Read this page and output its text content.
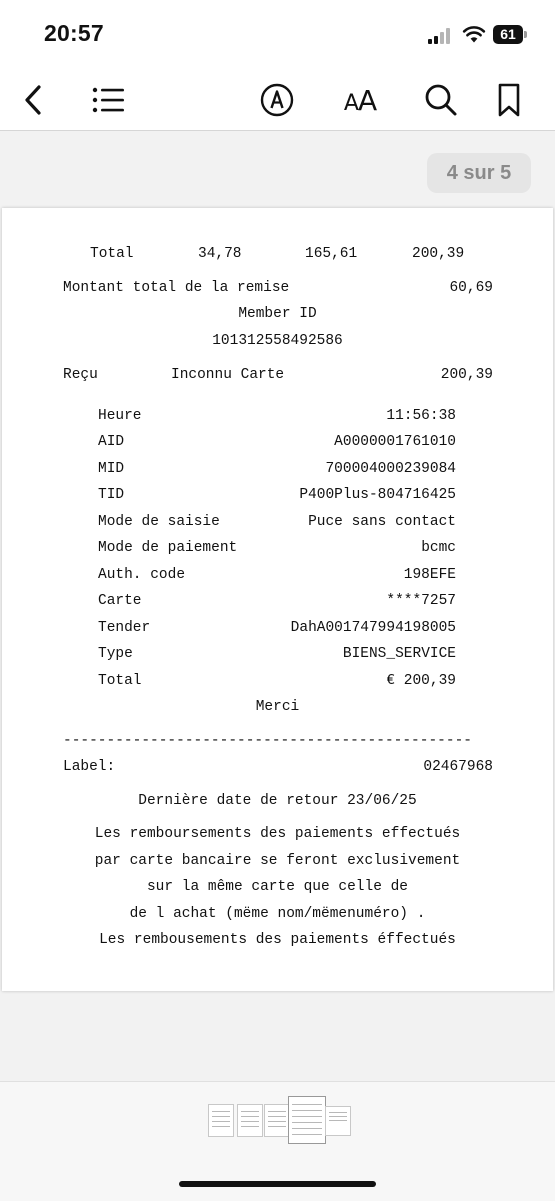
20:57	61
AA
4 sur 5
Total	34,78	165,61	200,39
Montant total de la remise	60,69
Member ID
101312558492586
Reçu	Inconnu Carte	200,39
Heure	11:56:38
AID	A0000001761010
MID	700004000239084
TID	P400Plus-804716425
Mode de saisie	Puce sans contact
Mode de paiement	bcmc
Auth. code	198EFE
Carte	****7257
Tender	DahA001747994198005
Type	BIENS_SERVICE
Total	€ 200,39
Merci
-----------------------------------------------
Label:	02467968
Dernière date de retour 23/06/25
Les remboursements des paiements effectués
par carte bancaire se feront exclusivement
sur la même carte que celle de
de l achat (mëme nom/mëmenuméro) .
Les rembousements des paiements éffectués
